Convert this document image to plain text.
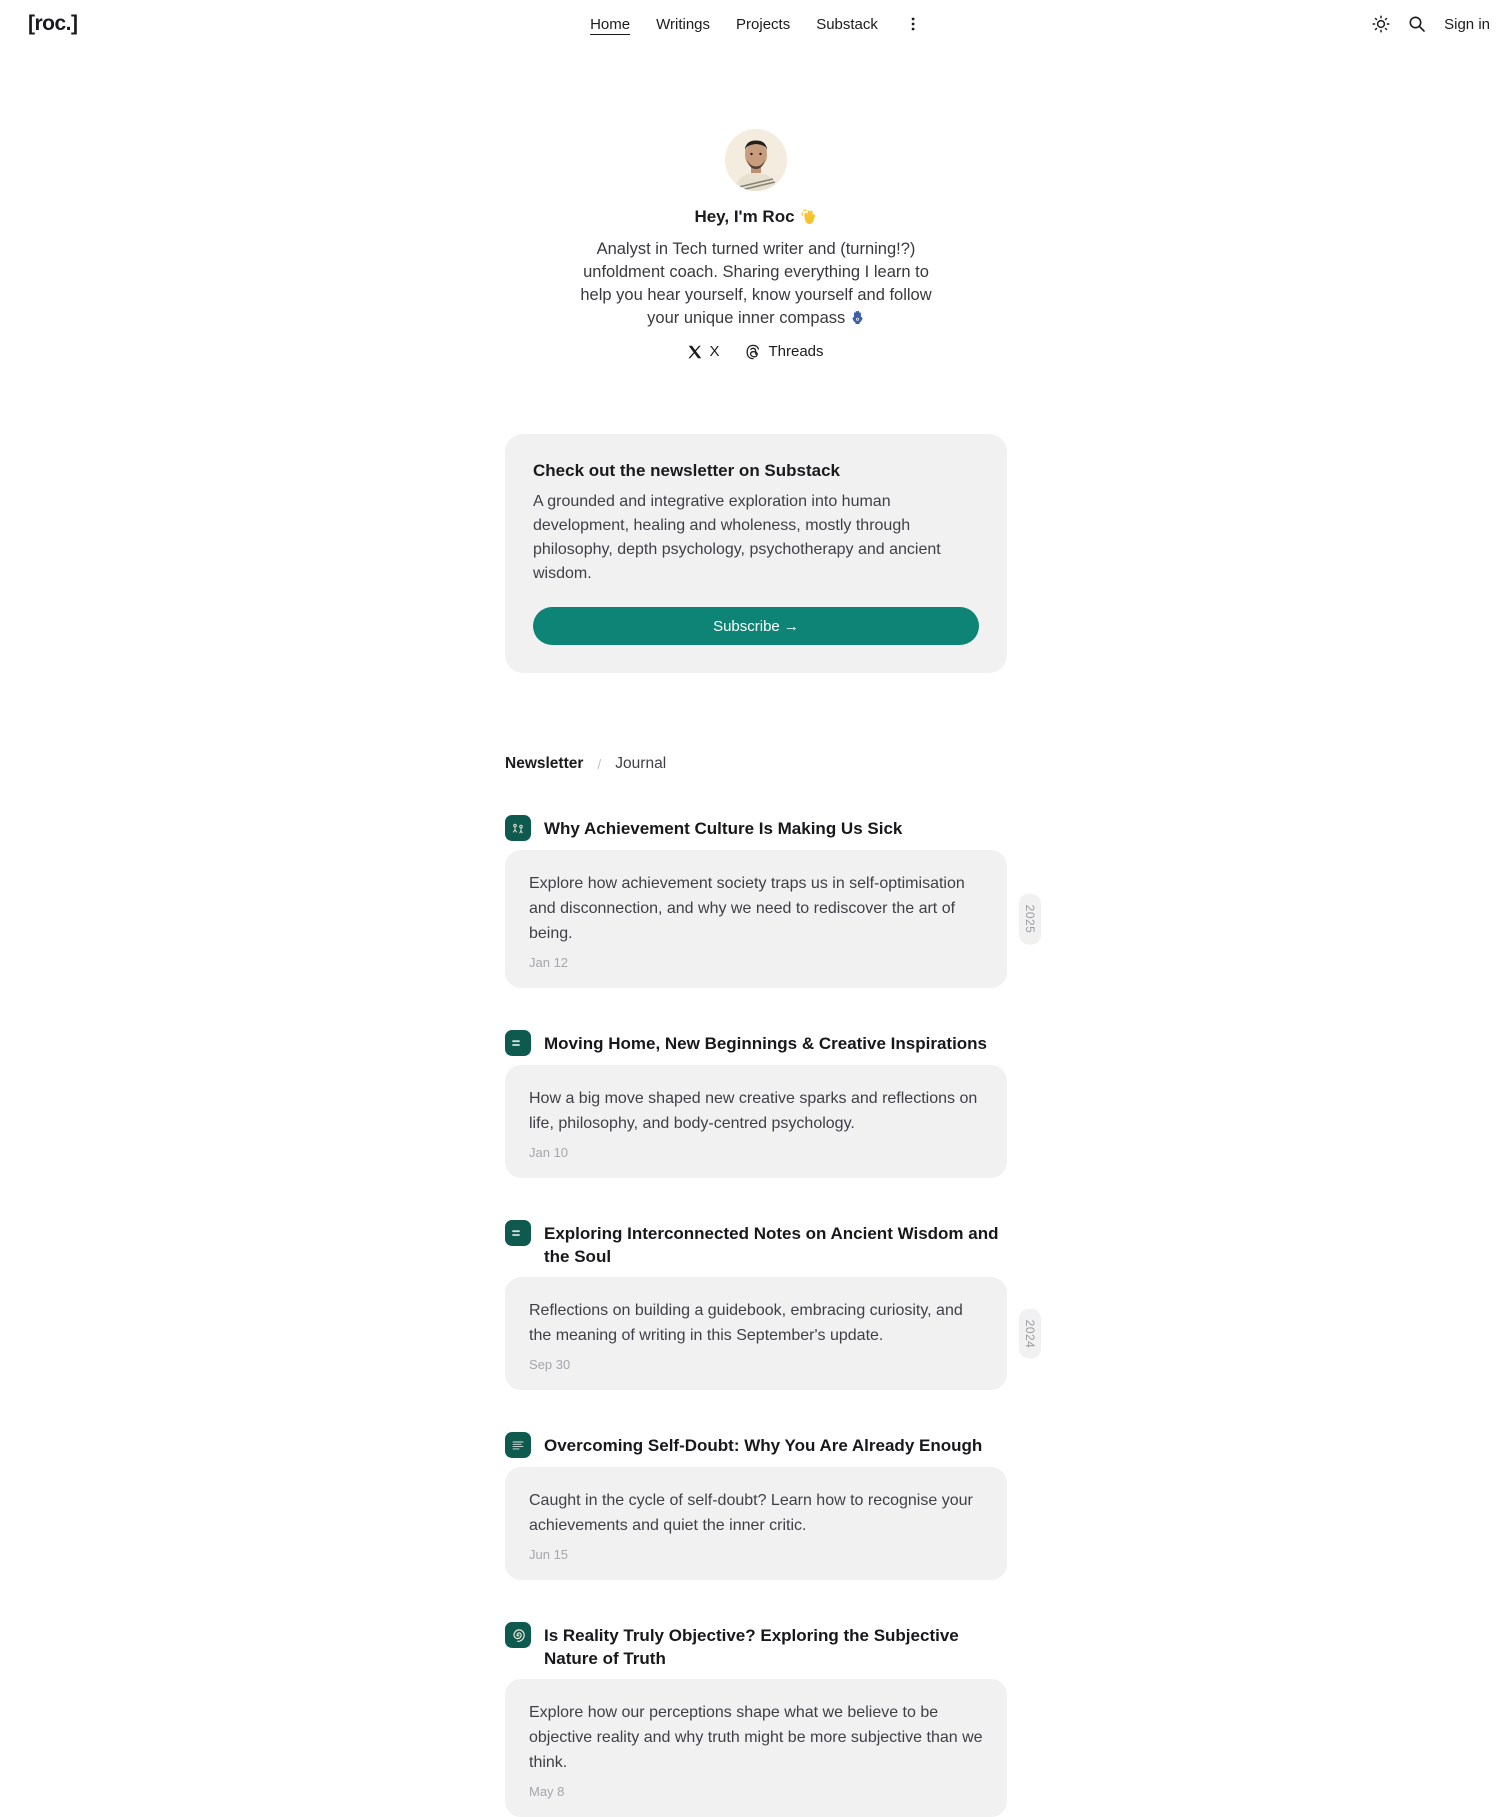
[roc.]	Home Writings Projects Substack	Sign in
Hey, I'm Roc
Analyst in Tech turned writer and (turning!?) unfoldment coach. Sharing everything I learn to help you hear yourself, know yourself and follow your unique inner compass
X	Threads
Check out the newsletter on Substack
A grounded and integrative exploration into human development, healing and wholeness, mostly through philosophy, depth psychology, psychotherapy and ancient wisdom.
Subscribe →
Newsletter / Journal
Why Achievement Culture Is Making Us Sick
Explore how achievement society traps us in self-optimisation and disconnection, and why we need to rediscover the art of being.
Jan 12
2025
Moving Home, New Beginnings & Creative Inspirations
How a big move shaped new creative sparks and reflections on life, philosophy, and body-centred psychology.
Jan 10
Exploring Interconnected Notes on Ancient Wisdom and the Soul
Reflections on building a guidebook, embracing curiosity, and the meaning of writing in this September's update.
Sep 30
2024
Overcoming Self-Doubt: Why You Are Already Enough
Caught in the cycle of self-doubt? Learn how to recognise your achievements and quiet the inner critic.
Jun 15
Is Reality Truly Objective? Exploring the Subjective Nature of Truth
Explore how our perceptions shape what we believe to be objective reality and why truth might be more subjective than we think.
May 8
